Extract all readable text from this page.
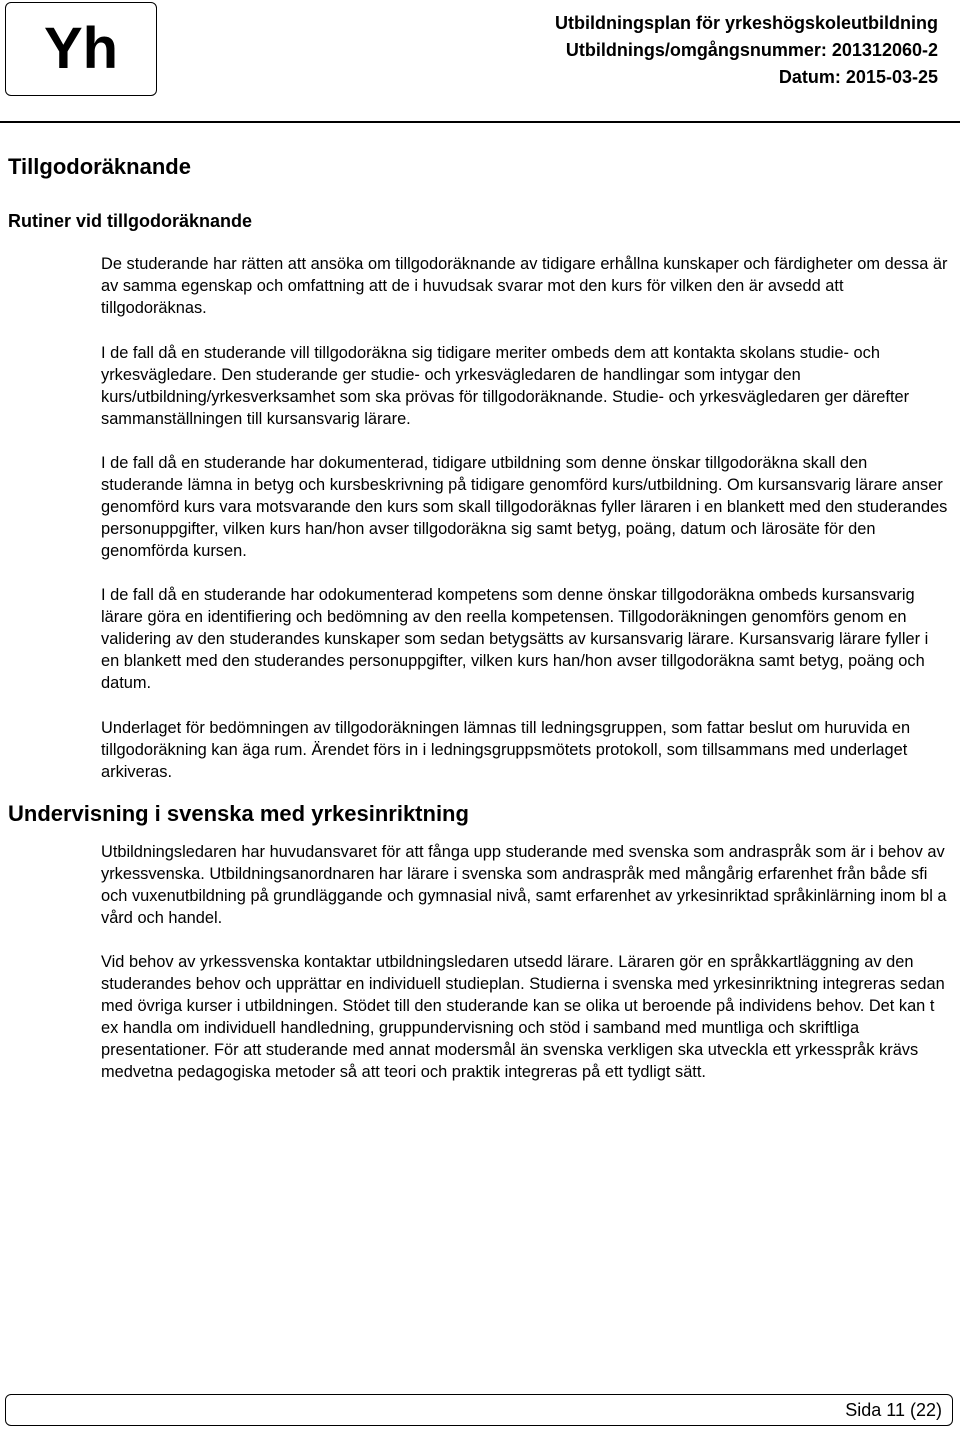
Yh	Utbildningsplan för yrkeshögskoleutbildning
Utbildnings/omgångsnummer: 201312060-2
Datum: 2015-03-25
Tillgodoräknande
Rutiner vid tillgodoräknande

De studerande har rätten att ansöka om tillgodoräknande av tidigare erhållna kunskaper och färdigheter om dessa är av samma egenskap och omfattning att de i huvudsak svarar mot den kurs för vilken den är avsedd att tillgodoräknas.

I de fall då en studerande vill tillgodoräkna sig tidigare meriter ombeds dem att kontakta skolans studie- och yrkesvägledare. Den studerande ger studie- och yrkesvägledaren de handlingar som intygar den kurs/utbildning/yrkesverksamhet som ska prövas för tillgodoräknande. Studie- och yrkesvägledaren ger därefter sammanställningen till kursansvarig lärare.

I de fall då en studerande har dokumenterad, tidigare utbildning som denne önskar tillgodoräkna skall den studerande lämna in betyg och kursbeskrivning på tidigare genomförd kurs/utbildning. Om kursansvarig lärare anser genomförd kurs vara motsvarande den kurs som skall tillgodoräknas fyller läraren i en blankett med den studerandes personuppgifter, vilken kurs han/hon avser tillgodoräkna sig samt betyg, poäng, datum och lärosäte för den genomförda kursen.

I de fall då en studerande har odokumenterad kompetens som denne önskar tillgodoräkna ombeds kursansvarig lärare göra en identifiering och bedömning av den reella kompetensen. Tillgodoräkningen genomförs genom en validering av den studerandes kunskaper som sedan betygsätts av kursansvarig lärare. Kursansvarig lärare fyller i en blankett med den studerandes personuppgifter, vilken kurs han/hon avser tillgodoräkna samt betyg, poäng och datum.

Underlaget för bedömningen av tillgodoräkningen lämnas till ledningsgruppen, som fattar beslut om huruvida en tillgodoräkning kan äga rum. Ärendet förs in i ledningsgruppsmötets protokoll, som tillsammans med underlaget arkiveras.

Undervisning i svenska med yrkesinriktning

Utbildningsledaren har huvudansvaret för att fånga upp studerande med svenska som andraspråk som är i behov av yrkessvenska. Utbildningsanordnaren har lärare i svenska som andraspråk med mångårig erfarenhet från både sfi och vuxenutbildning på grundläggande och gymnasial nivå, samt erfarenhet av yrkesinriktad språkinlärning inom bl a vård och handel.

Vid behov av yrkessvenska kontaktar utbildningsledaren utsedd lärare. Läraren gör en språkkartläggning av den studerandes behov och upprättar en individuell studieplan. Studierna i svenska med yrkesinriktning integreras sedan med övriga kurser i utbildningen. Stödet till den studerande kan se olika ut beroende på individens behov. Det kan t ex handla om individuell handledning, gruppundervisning och stöd i samband med muntliga och skriftliga presentationer. För att studerande med annat modersmål än svenska verkligen ska utveckla ett yrkesspråk krävs medvetna pedagogiska metoder så att teori och praktik integreras på ett tydligt sätt.

Sida 11 (22)
